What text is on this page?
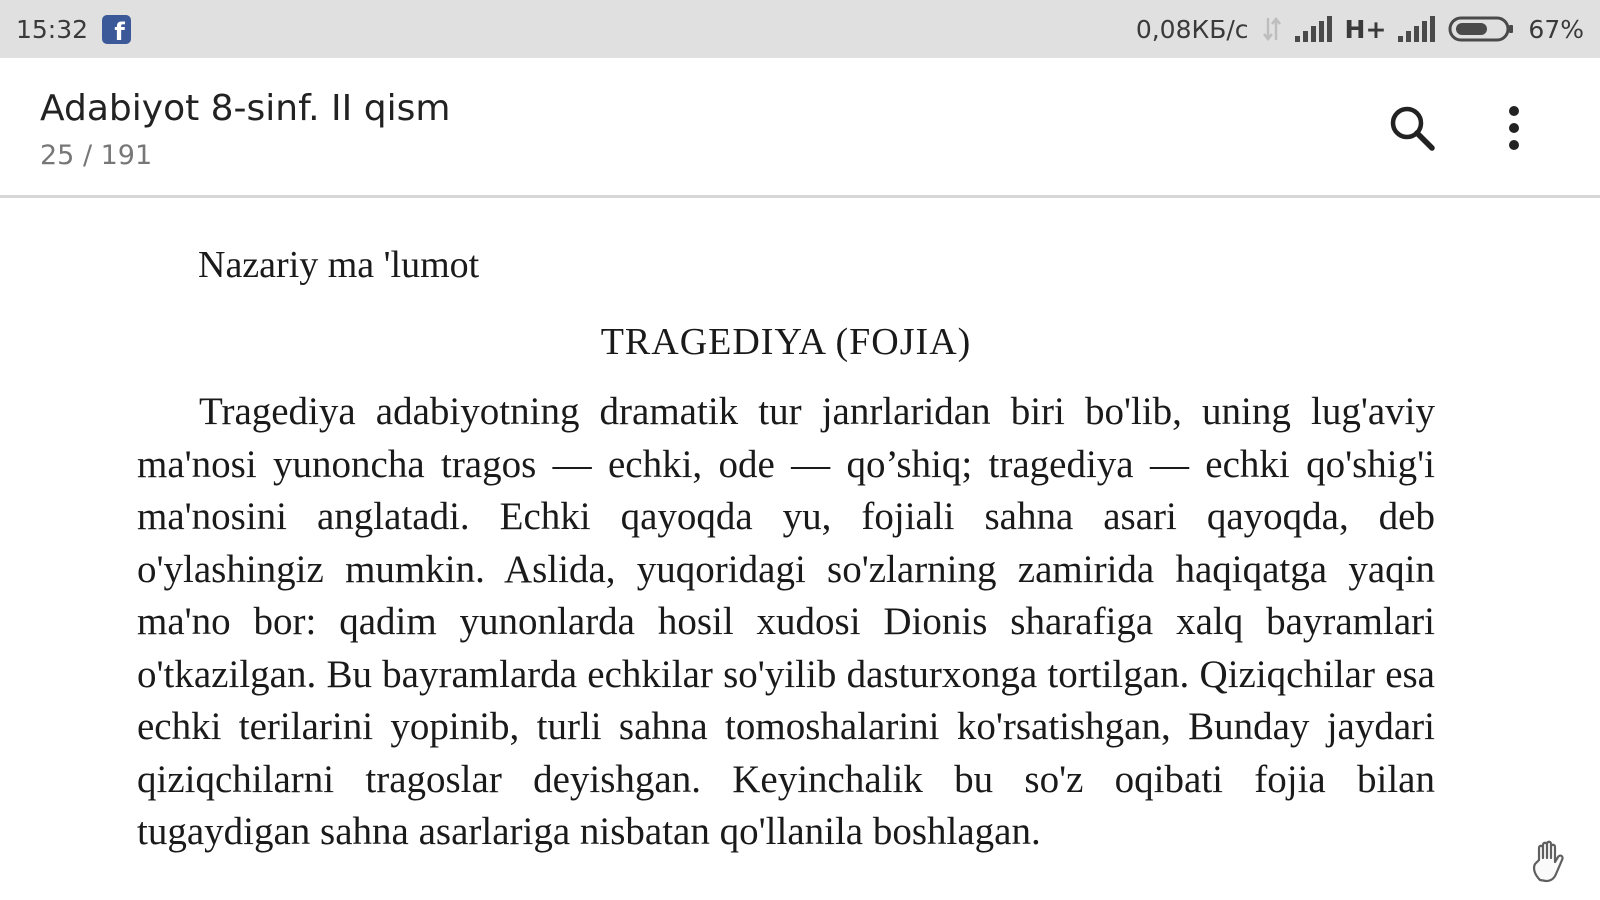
15:32	f	0,08КБ/с	H+	67%
Adabiyot 8-sinf. II qism
25 / 191
Nazariy ma 'lumot
TRAGEDIYA (FOJIA)

Tragediya adabiyotning dramatik tur janrlaridan biri bo'lib, uning lug'aviy ma'nosi yunoncha tragos — echki, ode — qo’shiq; tragediya — echki qo'shig'i ma'nosini anglatadi. Echki qayoqda yu, fojiali sahna asari qayoqda, deb o'ylashingiz mumkin. Aslida, yuqoridagi so'zlarning zamirida haqiqatga yaqin ma'no bor: qadim yunonlarda hosil xudosi Dionis sharafiga xalq bayramlari o'tkazilgan. Bu bayramlarda echkilar so'yilib dasturxonga tortilgan. Qiziqchilar esa echki terilarini yopinib, turli sahna tomoshalarini ko'rsatishgan, Bunday jaydari qiziqchilarni tragoslar deyishgan. Keyinchalik bu so'z oqibati fojia bilan tugaydigan sahna asarlariga nisbatan qo'llanila boshlagan.
